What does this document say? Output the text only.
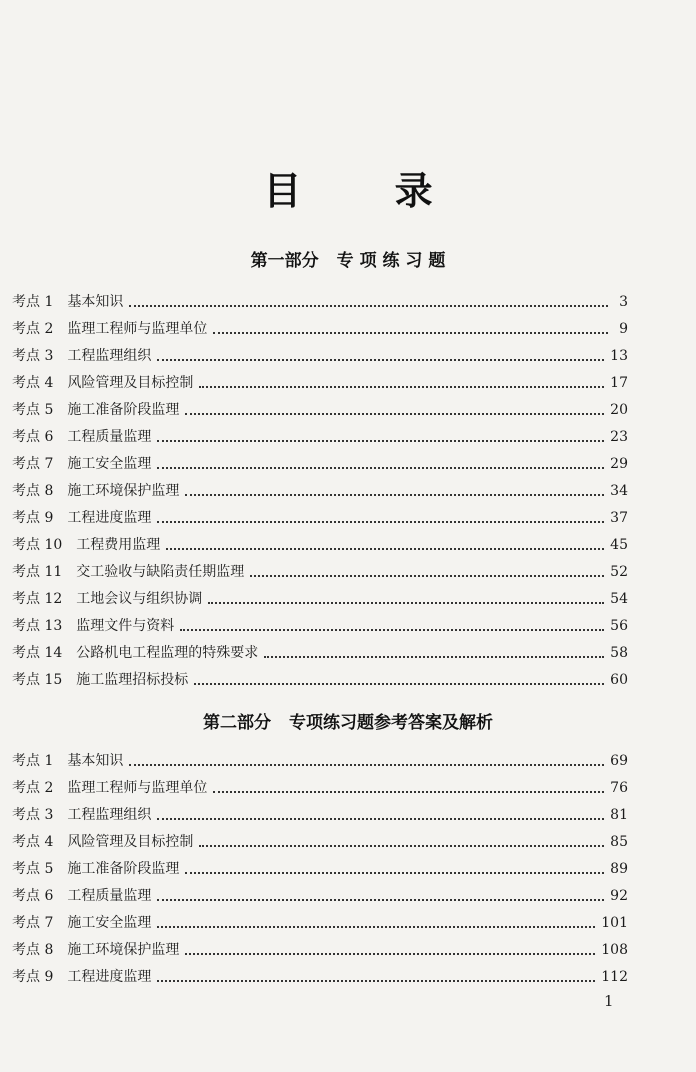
目 录
第一部分 专 项 练 习 题
考点 1 基本知识	3
考点 2 监理工程师与监理单位	9
考点 3 工程监理组织	13
考点 4 风险管理及目标控制	17
考点 5 施工准备阶段监理	20
考点 6 工程质量监理	23
考点 7 施工安全监理	29
考点 8 施工环境保护监理	34
考点 9 工程进度监理	37
考点 10 工程费用监理	45
考点 11 交工验收与缺陷责任期监理	52
考点 12 工地会议与组织协调	54
考点 13 监理文件与资料	56
考点 14 公路机电工程监理的特殊要求	58
考点 15 施工监理招标投标	60
第二部分 专项练习题参考答案及解析
考点 1 基本知识	69
考点 2 监理工程师与监理单位	76
考点 3 工程监理组织	81
考点 4 风险管理及目标控制	85
考点 5 施工准备阶段监理	89
考点 6 工程质量监理	92
考点 7 施工安全监理	101
考点 8 施工环境保护监理	108
考点 9 工程进度监理	112
1
